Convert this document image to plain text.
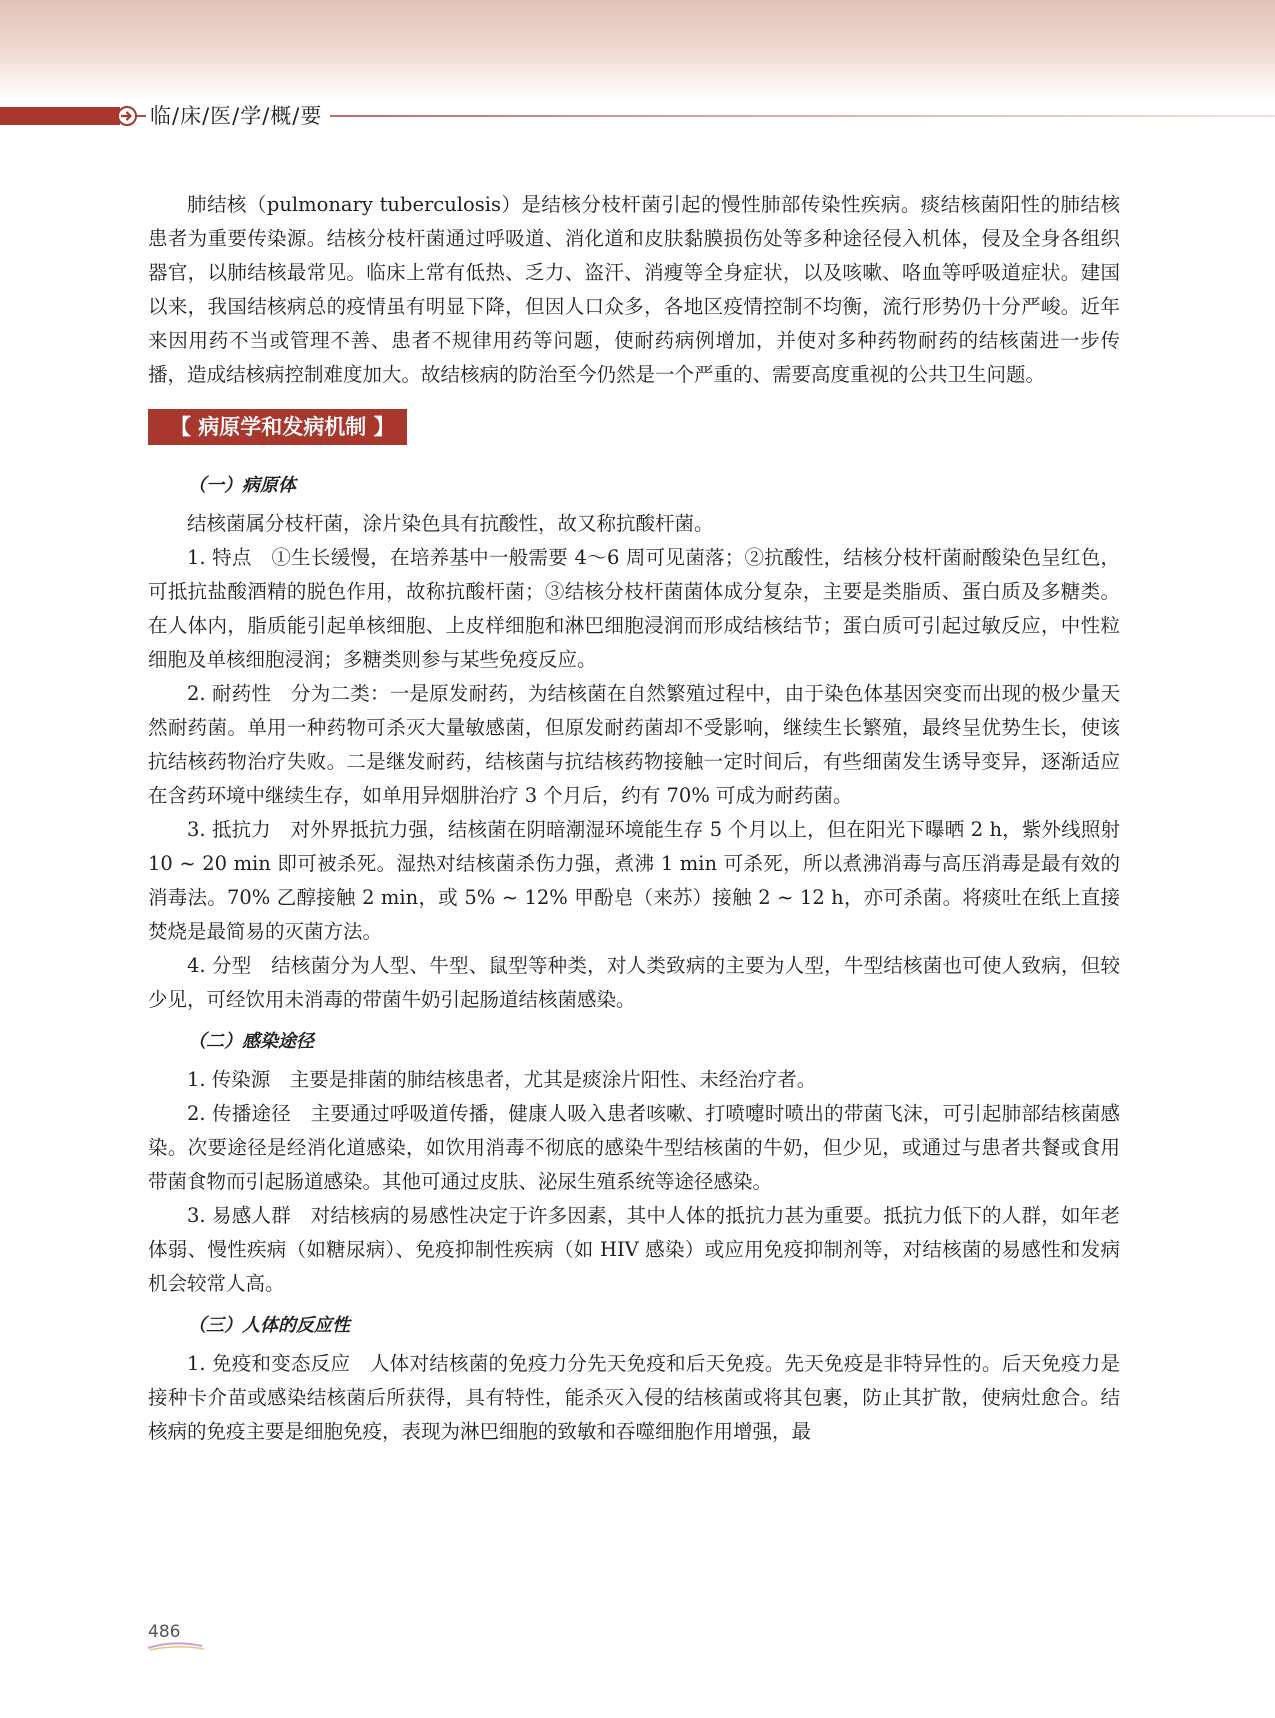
临/床/医/学/概/要

肺结核（pulmonary tuberculosis）是结核分枝杆菌引起的慢性肺部传染性疾病。痰结核菌阳性的肺结核患者为重要传染源。结核分枝杆菌通过呼吸道、消化道和皮肤黏膜损伤处等多种途径侵入机体，侵及全身各组织器官，以肺结核最常见。临床上常有低热、乏力、盗汗、消瘦等全身症状，以及咳嗽、咯血等呼吸道症状。建国以来，我国结核病总的疫情虽有明显下降，但因人口众多，各地区疫情控制不均衡，流行形势仍十分严峻。近年来因用药不当或管理不善、患者不规律用药等问题，使耐药病例增加，并使对多种药物耐药的结核菌进一步传播，造成结核病控制难度加大。故结核病的防治至今仍然是一个严重的、需要高度重视的公共卫生问题。

【 病原学和发病机制 】
（一）病原体

结核菌属分枝杆菌，涂片染色具有抗酸性，故又称抗酸杆菌。

1. 特点　①生长缓慢，在培养基中一般需要 4～6 周可见菌落；②抗酸性，结核分枝杆菌耐酸染色呈红色，可抵抗盐酸酒精的脱色作用，故称抗酸杆菌；③结核分枝杆菌菌体成分复杂，主要是类脂质、蛋白质及多糖类。在人体内，脂质能引起单核细胞、上皮样细胞和淋巴细胞浸润而形成结核结节；蛋白质可引起过敏反应，中性粒细胞及单核细胞浸润；多糖类则参与某些免疫反应。

2. 耐药性　分为二类：一是原发耐药，为结核菌在自然繁殖过程中，由于染色体基因突变而出现的极少量天然耐药菌。单用一种药物可杀灭大量敏感菌，但原发耐药菌却不受影响，继续生长繁殖，最终呈优势生长，使该抗结核药物治疗失败。二是继发耐药，结核菌与抗结核药物接触一定时间后，有些细菌发生诱导变异，逐渐适应在含药环境中继续生存，如单用异烟肼治疗 3 个月后，约有 70% 可成为耐药菌。

3. 抵抗力　对外界抵抗力强，结核菌在阴暗潮湿环境能生存 5 个月以上，但在阳光下曝晒 2 h，紫外线照射 10 ~ 20 min 即可被杀死。湿热对结核菌杀伤力强，煮沸 1 min 可杀死，所以煮沸消毒与高压消毒是最有效的消毒法。70% 乙醇接触 2 min，或 5% ~ 12% 甲酚皂（来苏）接触 2 ~ 12 h，亦可杀菌。将痰吐在纸上直接焚烧是最简易的灭菌方法。

4. 分型　结核菌分为人型、牛型、鼠型等种类，对人类致病的主要为人型，牛型结核菌也可使人致病，但较少见，可经饮用未消毒的带菌牛奶引起肠道结核菌感染。

（二）感染途径

1. 传染源　主要是排菌的肺结核患者，尤其是痰涂片阳性、未经治疗者。

2. 传播途径　主要通过呼吸道传播，健康人吸入患者咳嗽、打喷嚏时喷出的带菌飞沫，可引起肺部结核菌感染。次要途径是经消化道感染，如饮用消毒不彻底的感染牛型结核菌的牛奶，但少见，或通过与患者共餐或食用带菌食物而引起肠道感染。其他可通过皮肤、泌尿生殖系统等途径感染。

3. 易感人群　对结核病的易感性决定于许多因素，其中人体的抵抗力甚为重要。抵抗力低下的人群，如年老体弱、慢性疾病（如糖尿病）、免疫抑制性疾病（如 HIV 感染）或应用免疫抑制剂等，对结核菌的易感性和发病机会较常人高。

（三）人体的反应性

1. 免疫和变态反应　人体对结核菌的免疫力分先天免疫和后天免疫。先天免疫是非特异性的。后天免疫力是接种卡介苗或感染结核菌后所获得，具有特性，能杀灭入侵的结核菌或将其包裹，防止其扩散，使病灶愈合。结核病的免疫主要是细胞免疫，表现为淋巴细胞的致敏和吞噬细胞作用增强，最

486
